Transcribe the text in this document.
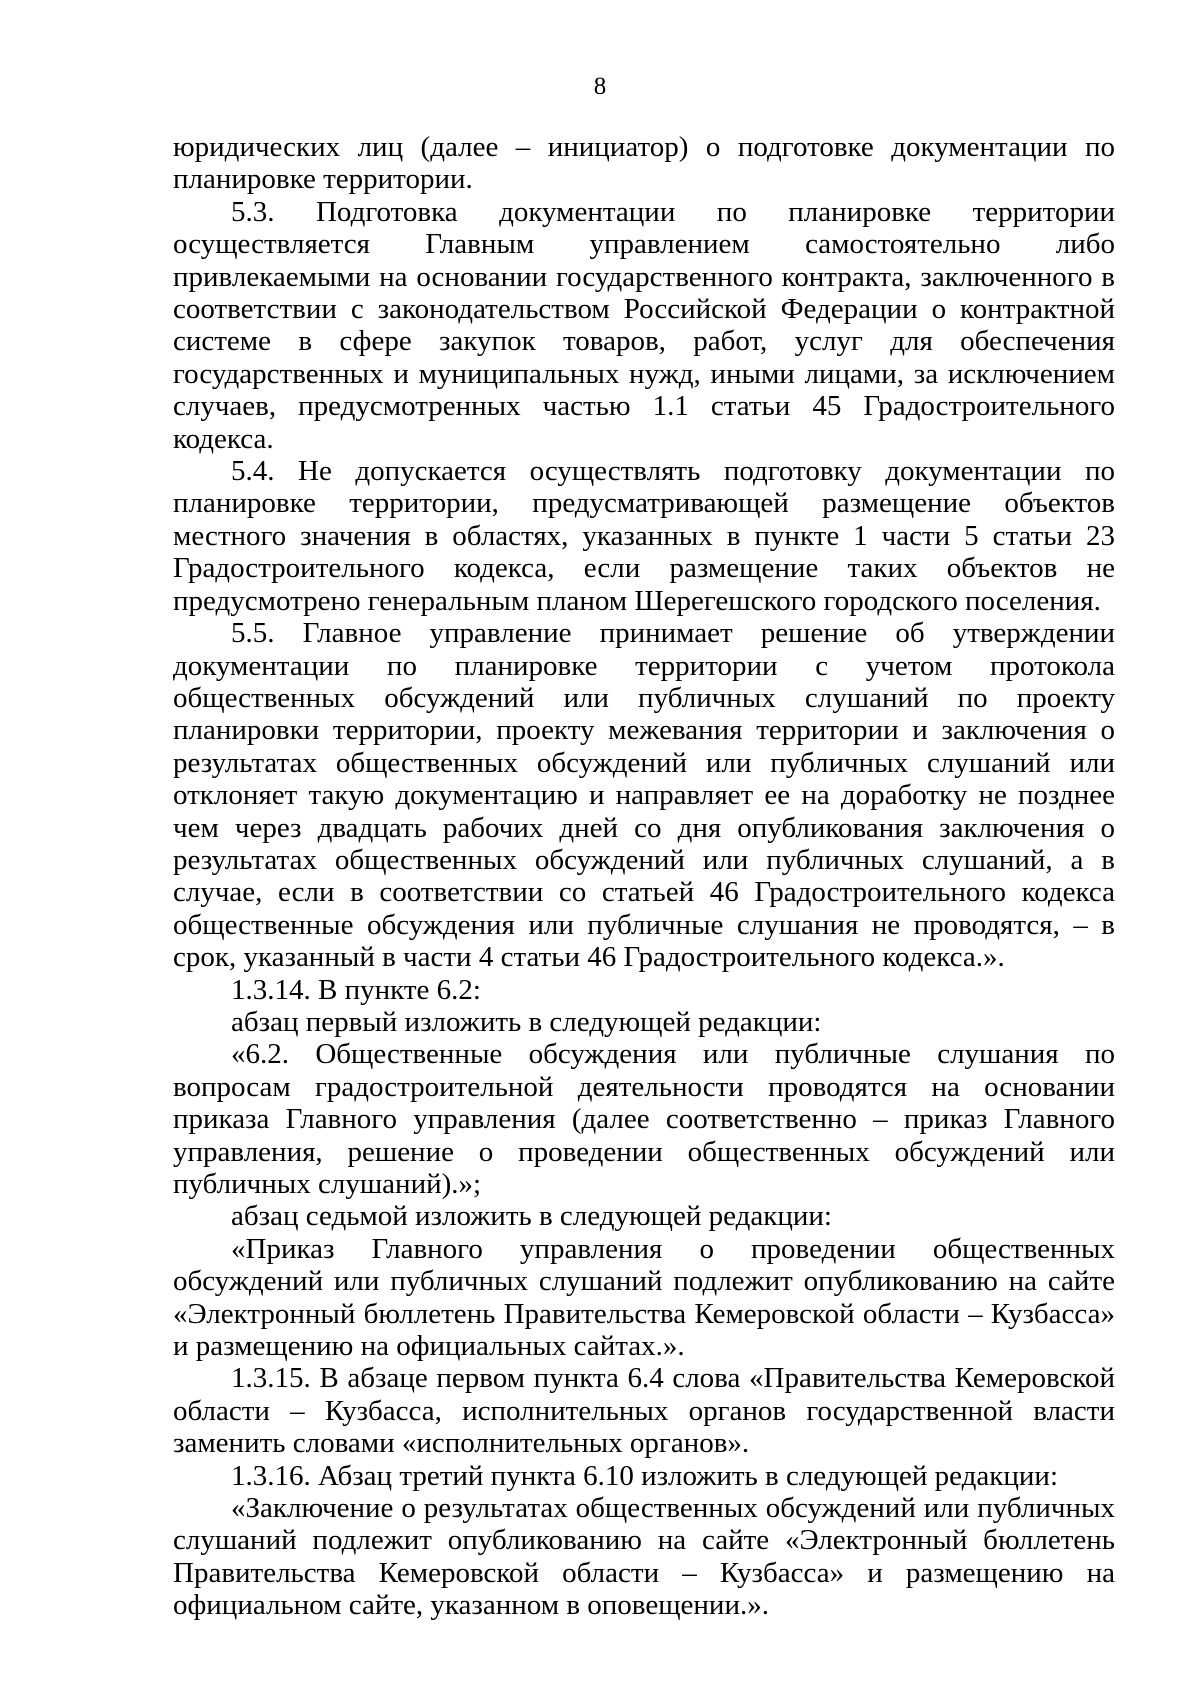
8

юридических лиц (далее – инициатор) о подготовке документации по планировке территории.

5.3. Подготовка документации по планировке территории осуществляется Главным управлением самостоятельно либо привлекаемыми на основании государственного контракта, заключенного в соответствии с законодательством Российской Федерации о контрактной системе в сфере закупок товаров, работ, услуг для обеспечения государственных и муниципальных нужд, иными лицами, за исключением случаев, предусмотренных частью 1.1 статьи 45 Градостроительного кодекса.

5.4. Не допускается осуществлять подготовку документации по планировке территории, предусматривающей размещение объектов местного значения в областях, указанных в пункте 1 части 5 статьи 23 Градостроительного кодекса, если размещение таких объектов не предусмотрено генеральным планом Шерегешского городского поселения.

5.5. Главное управление принимает решение об утверждении документации по планировке территории с учетом протокола общественных обсуждений или публичных слушаний по проекту планировки территории, проекту межевания территории и заключения о результатах общественных обсуждений или публичных слушаний или отклоняет такую документацию и направляет ее на доработку не позднее чем через двадцать рабочих дней со дня опубликования заключения о результатах общественных обсуждений или публичных слушаний, а в случае, если в соответствии со статьей 46 Градостроительного кодекса общественные обсуждения или публичные слушания не проводятся, – в срок, указанный в части 4 статьи 46 Градостроительного кодекса.».

1.3.14. В пункте 6.2:

абзац первый изложить в следующей редакции:

«6.2. Общественные обсуждения или публичные слушания по вопросам градостроительной деятельности проводятся на основании приказа Главного управления (далее соответственно – приказ Главного управления, решение о проведении общественных обсуждений или публичных слушаний).»;

абзац седьмой изложить в следующей редакции:

«Приказ Главного управления о проведении общественных обсуждений или публичных слушаний подлежит опубликованию на сайте «Электронный бюллетень Правительства Кемеровской области – Кузбасса» и размещению на официальных сайтах.».

1.3.15. В абзаце первом пункта 6.4 слова «Правительства Кемеровской области – Кузбасса, исполнительных органов государственной власти заменить словами «исполнительных органов».

1.3.16. Абзац третий пункта 6.10 изложить в следующей редакции:

«Заключение о результатах общественных обсуждений или публичных слушаний подлежит опубликованию на сайте «Электронный бюллетень Правительства Кемеровской области – Кузбасса» и размещению на официальном сайте, указанном в оповещении.».
